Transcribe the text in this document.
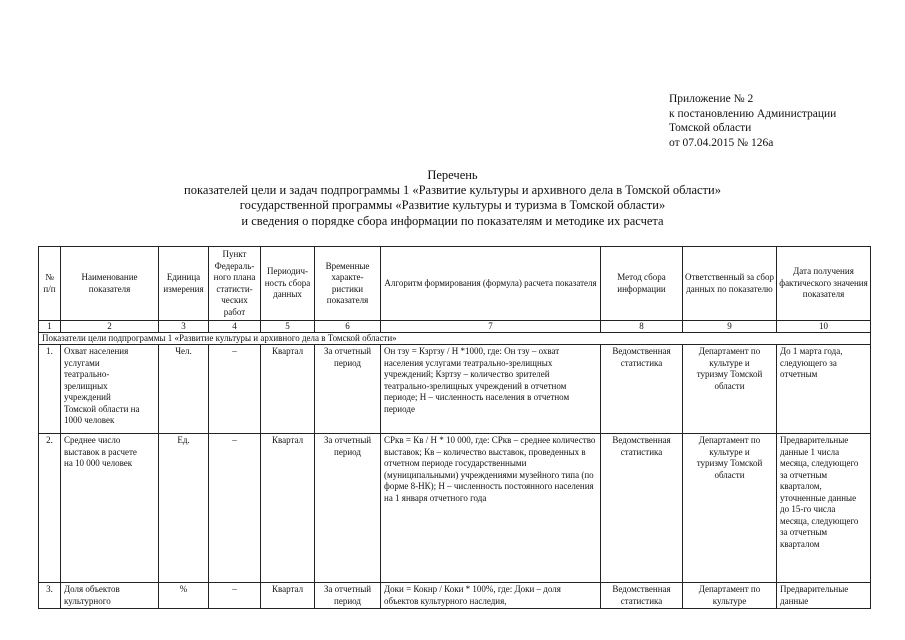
Приложение № 2
к постановлению Администрации
Томской области
от 07.04.2015 № 126а
Перечень
показателей цели и задач подпрограммы 1 «Развитие культуры и архивного дела в Томской области»
государственной программы «Развитие культуры и туризма в Томской области»
и сведения о порядке сбора информации по показателям и методике их расчета
№ п/п	Наименование показателя	Единица измерения	Пункт Федераль-ного плана статисти-ческих работ	Периодич-ность сбора данных	Временные характе-ристики показателя	Алгоритм формирования (формула) расчета показателя	Метод сбора информации	Ответственный за сбор данных по показателю	Дата получения фактического значения показателя
1	2	3	4	5	6	7	8	9	10
Показатели цели подпрограммы 1 «Развитие культуры и архивного дела в Томской области»									
1.	Охват населения услугами театрально-зрелищных учреждений Томской области на 1000 человек	Чел.	–	Квартал	За отчетный период	Он тзу = Кзртзу / Н *1000, где: Он тзу – охват населения услугами театрально-зрелищных учреждений; Кзртзу – количество зрителей театрально-зрелищных учреждений в отчетном периоде; Н – численность населения в отчетном периоде	Ведомственная статистика	Департамент по культуре и туризму Томской области	До 1 марта года, следующего за отчетным

2.	Среднее число выставок в расчете на 10 000 человек	Ед.	–	Квартал	За отчетный период	СРкв = Кв / Н * 10 000, где: СРкв – среднее количество выставок; Кв – количество выставок, проведенных в отчетном периоде государственными (муниципальными) учреждениями музейного типа (по форме 8-НК); Н – численность постоянного населения на 1 января отчетного года	Ведомственная статистика	Департамент по культуре и туризму Томской области	Предварительные данные 1 числа месяца, следующего за отчетным кварталом, уточненные данные до 15-го числа месяца, следующего за отчетным кварталом

3.	Доля объектов культурного	%	–	Квартал	За отчетный период	Доки = Кокнр / Коки * 100%, где: Доки – доля объектов культурного наследия,	Ведомственная статистика	Департамент по культуре	Предварительные данные
